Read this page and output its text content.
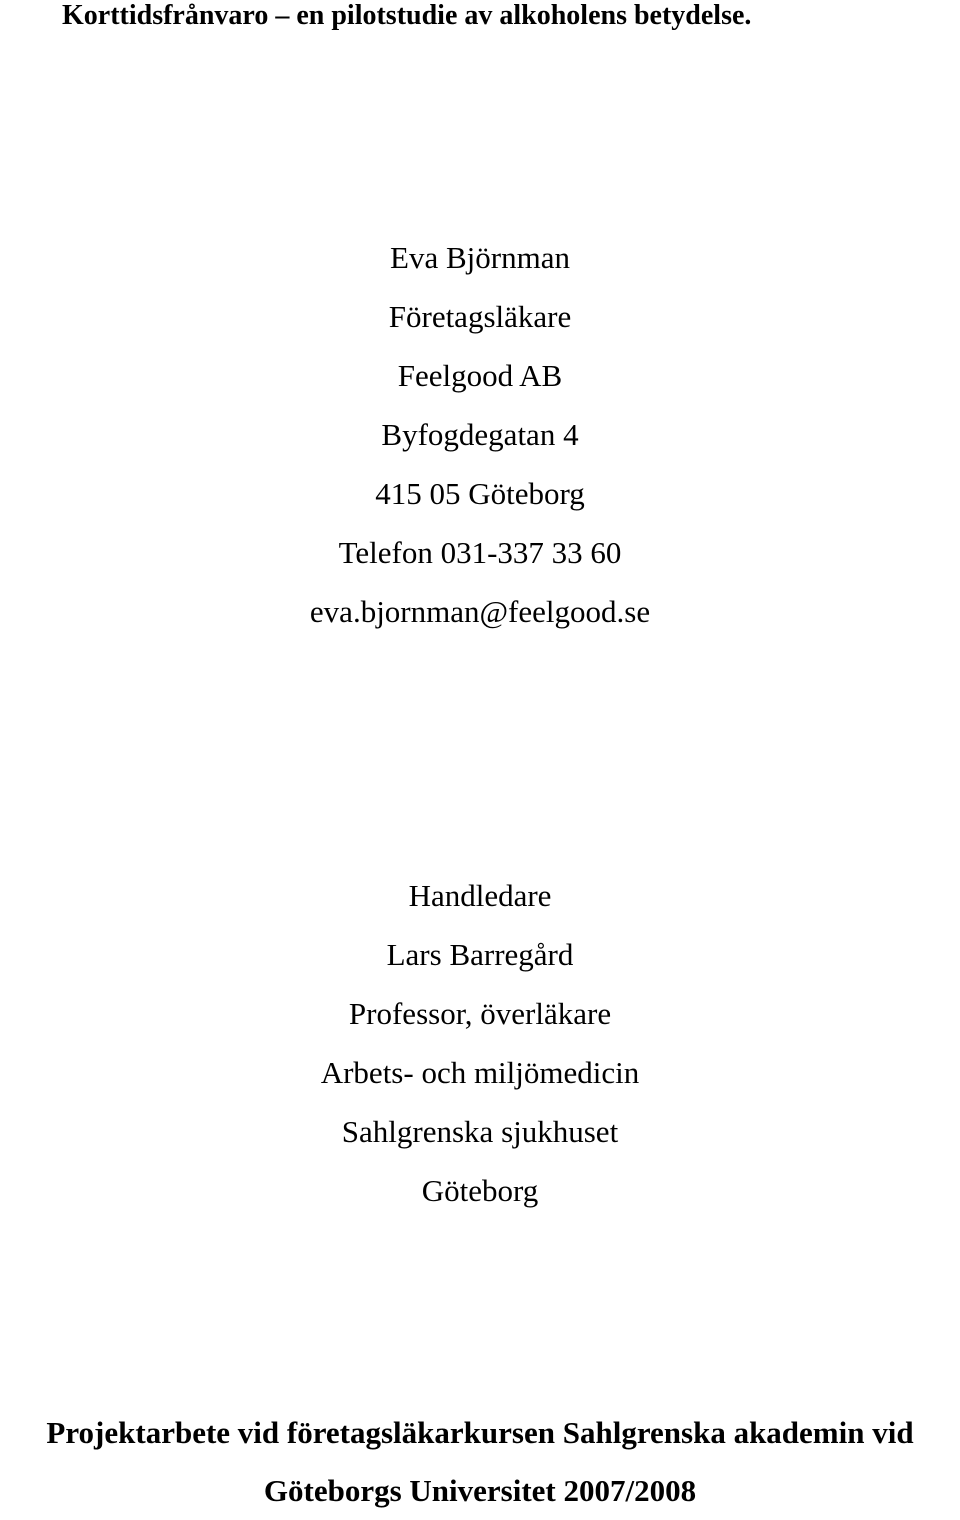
Korttidsfrånvaro – en pilotstudie av alkoholens betydelse.
Eva Björnman
Företagsläkare
Feelgood AB
Byfogdegatan 4
415 05 Göteborg
Telefon 031-337 33 60
eva.bjornman@feelgood.se
Handledare
Lars Barregård
Professor, överläkare
Arbets- och miljömedicin
Sahlgrenska sjukhuset
Göteborg
Projektarbete vid företagsläkarkursen Sahlgrenska akademin vid
Göteborgs Universitet 2007/2008
